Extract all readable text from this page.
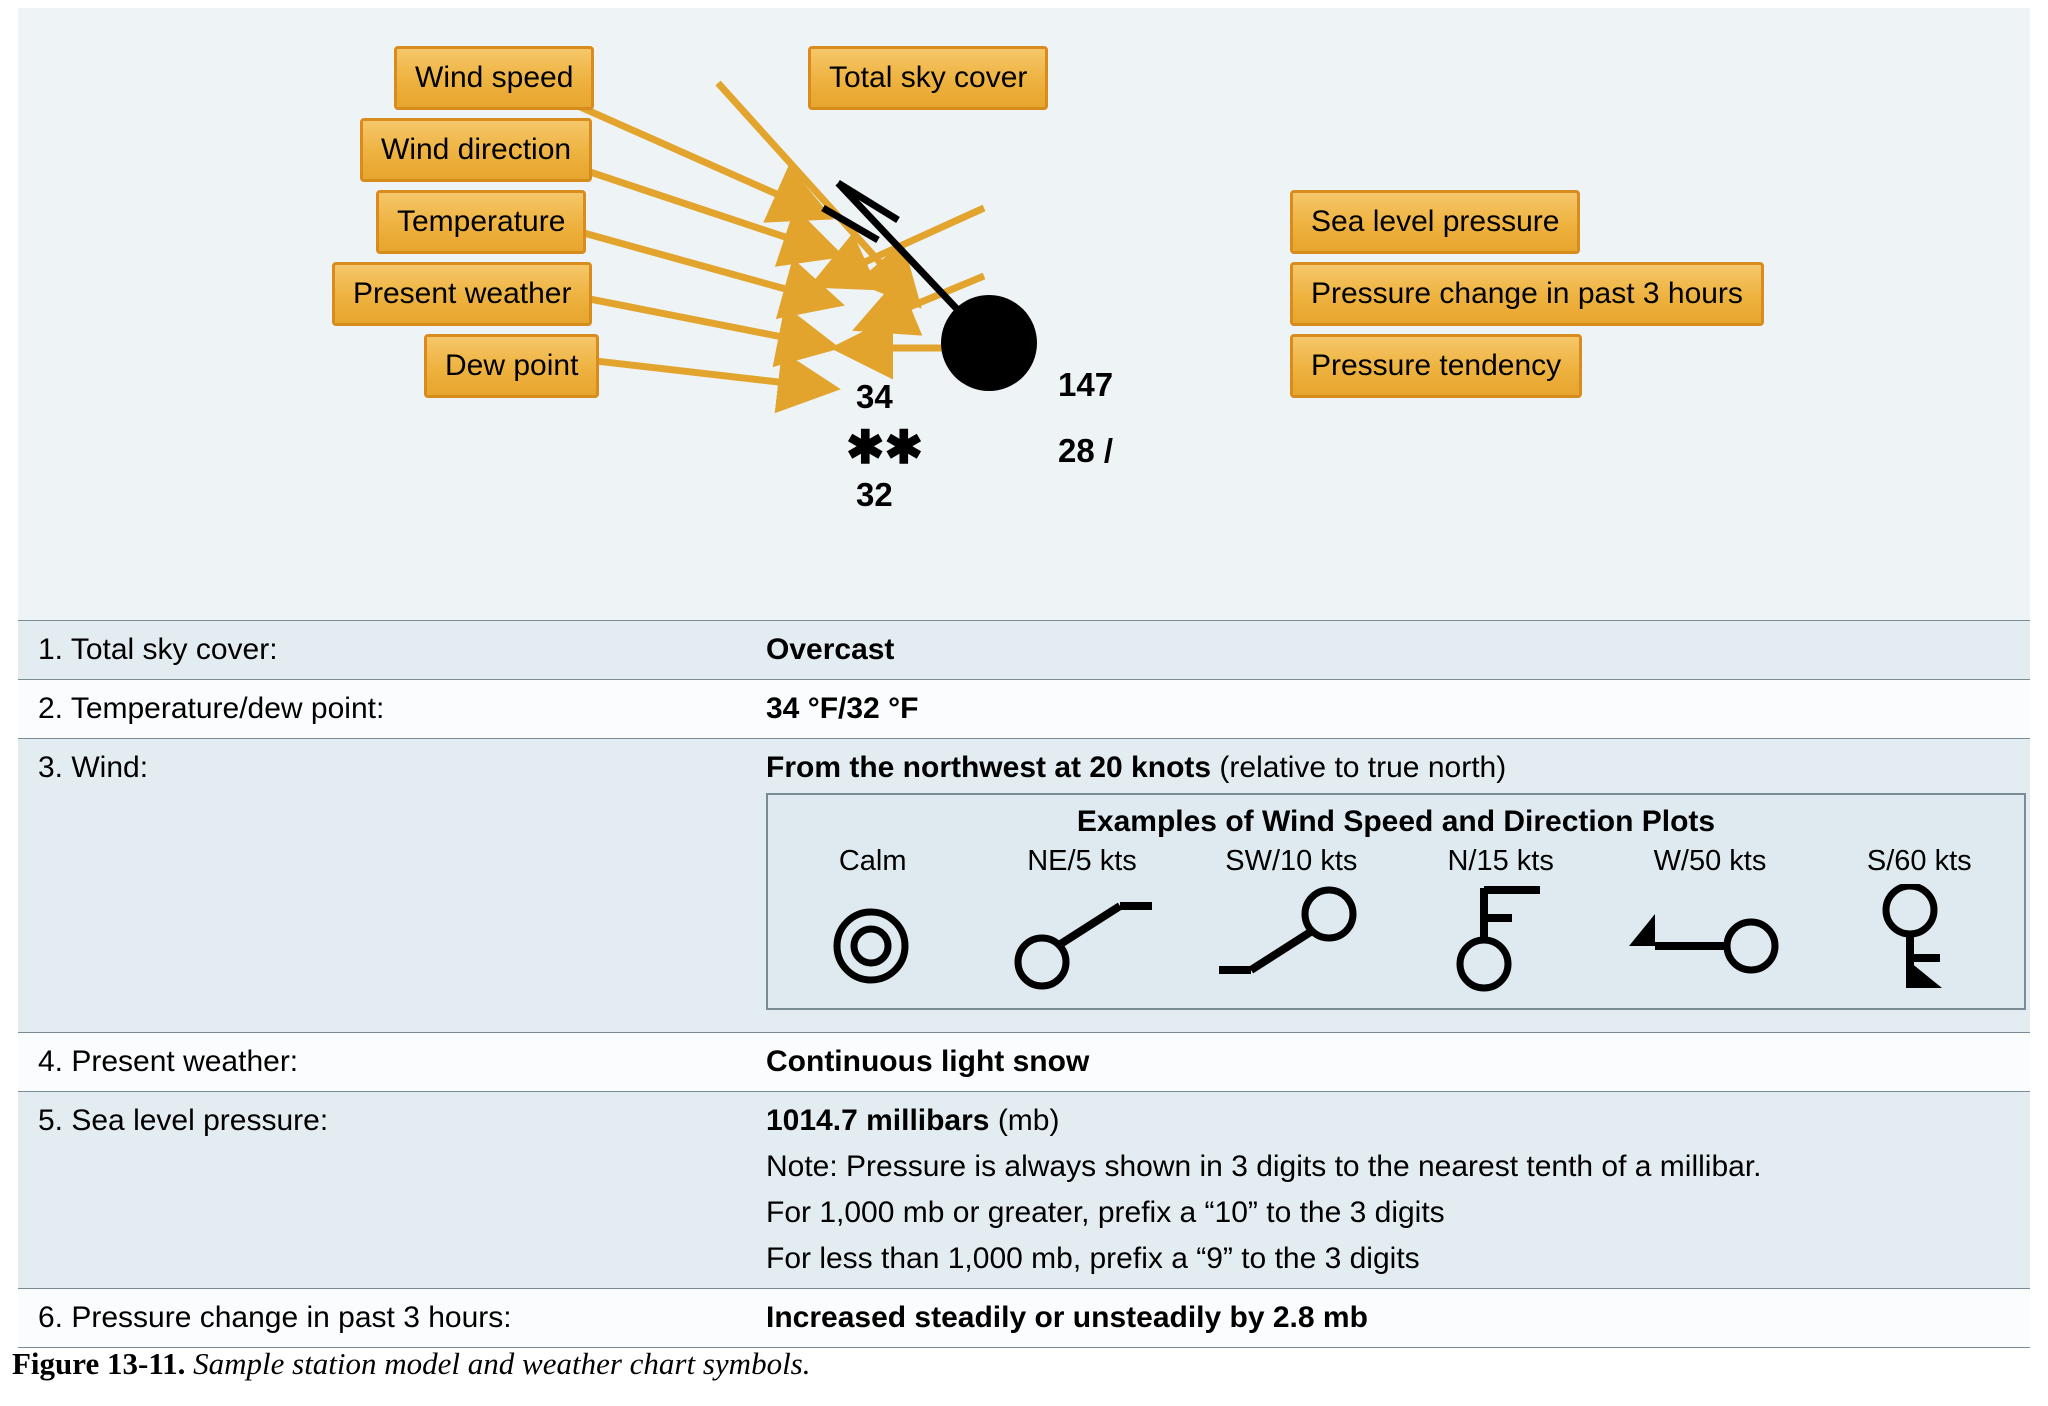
Wind speed
Wind direction
Temperature
Present weather
Dew point
Total sky cover
Sea level pressure
Pressure change in past 3 hours
Pressure tendency
34
✱✱
32
147
28 /
1. Total sky cover:	Overcast
2. Temperature/dew point:	34 °F/32 °F
3. Wind:	From the northwest at 20 knots (relative to true north)
Examples of Wind Speed and Direction Plots
Calm	NE/5 kts	SW/10 kts	N/15 kts	W/50 kts	S/60 kts
4. Present weather:	Continuous light snow
5. Sea level pressure:	1014.7 millibars (mb)
Note: Pressure is always shown in 3 digits to the nearest tenth of a millibar.
For 1,000 mb or greater, prefix a “10” to the 3 digits
For less than 1,000 mb, prefix a “9” to the 3 digits
6. Pressure change in past 3 hours:	Increased steadily or unsteadily by 2.8 mb
Figure 13-11. Sample station model and weather chart symbols.
